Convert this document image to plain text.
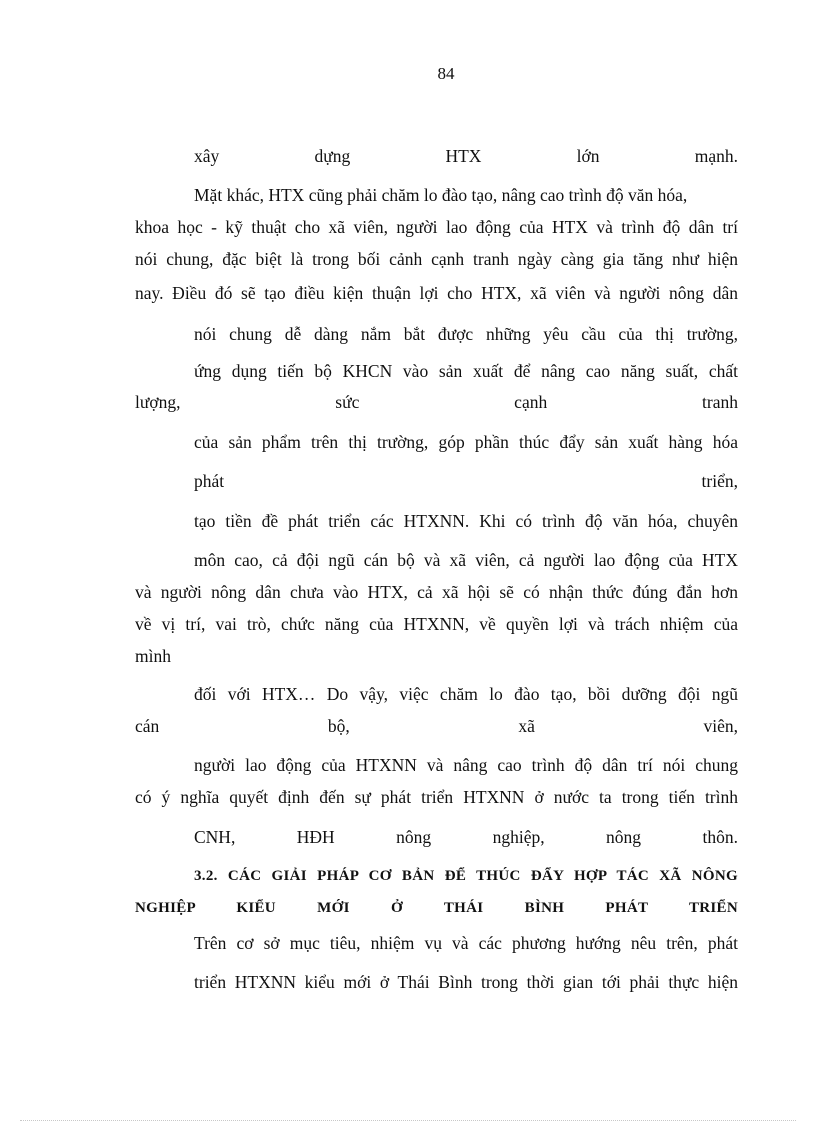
84
xây dựng HTX lớn mạnh.
Mặt khác, HTX cũng phải chăm lo đào tạo, nâng cao trình độ văn hóa,
khoa học - kỹ thuật cho xã viên, người lao động của HTX và trình độ dân trí
nói chung, đặc biệt là trong bối cảnh cạnh tranh ngày càng gia tăng như hiện
nay. Điều đó sẽ tạo điều kiện thuận lợi cho HTX, xã viên và người nông dân
nói chung dễ dàng nắm bắt được những yêu cầu của thị trường,
ứng dụng tiến bộ KHCN vào sản xuất để nâng cao năng suất, chất
lượng, sức cạnh tranh
của sản phẩm trên thị trường, góp phần thúc đẩy sản xuất hàng hóa
phát triển,
tạo tiền đề phát triển các HTXNN. Khi có trình độ văn hóa, chuyên
môn cao, cả đội ngũ cán bộ và xã viên, cả người lao động của HTX
và người nông dân chưa vào HTX, cả xã hội sẽ có nhận thức đúng đắn hơn
về vị trí, vai trò, chức năng của HTXNN, về quyền lợi và trách nhiệm của
mình
đối với HTX… Do vậy, việc chăm lo đào tạo, bồi dưỡng đội ngũ
cán bộ, xã viên,
người lao động của HTXNN và nâng cao trình độ dân trí nói chung
có ý nghĩa quyết định đến sự phát triển HTXNN ở nước ta trong tiến trình
CNH, HĐH nông nghiệp, nông thôn.
3.2. CÁC GIẢI PHÁP CƠ BẢN ĐỂ THÚC ĐẨY HỢP TÁC XÃ NÔNG
NGHIỆP KIỂU MỚI Ở THÁI BÌNH PHÁT TRIỂN
Trên cơ sở mục tiêu, nhiệm vụ và các phương hướng nêu trên, phát
triển HTXNN kiểu mới ở Thái Bình trong thời gian tới phải thực hiện
